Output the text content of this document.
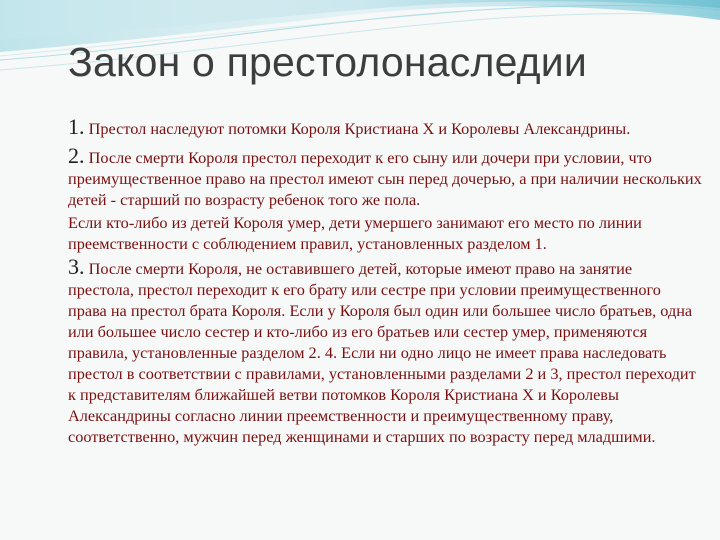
Закон о престолонаследии

1. Престол наследуют потомки Короля Кристиана X и Королевы Александрины.

2. После смерти Короля престол переходит к его сыну или дочери при условии, что преимущественное право на престол имеют сын перед дочерью, а при наличии нескольких детей - старший по возрасту ребенок того же пола.

Если кто-либо из детей Короля умер, дети умершего занимают его место по линии преемственности с соблюдением правил, установленных разделом 1.

3. После смерти Короля, не оставившего детей, которые имеют право на занятие престола, престол переходит к его брату или сестре при условии преимущественного права на престол брата Короля. Если у Короля был один или большее число братьев, одна или большее число сестер и кто-либо из его братьев или сестер умер, применяются правила, установленные разделом 2. 4. Если ни одно лицо не имеет права наследовать престол в соответствии с правилами, установленными разделами 2 и 3, престол переходит к представителям ближайшей ветви потомков Короля Кристиана X и Королевы Александрины согласно линии преемственности и преимущественному праву, соответственно, мужчин перед женщинами и старших по возрасту перед младшими.
